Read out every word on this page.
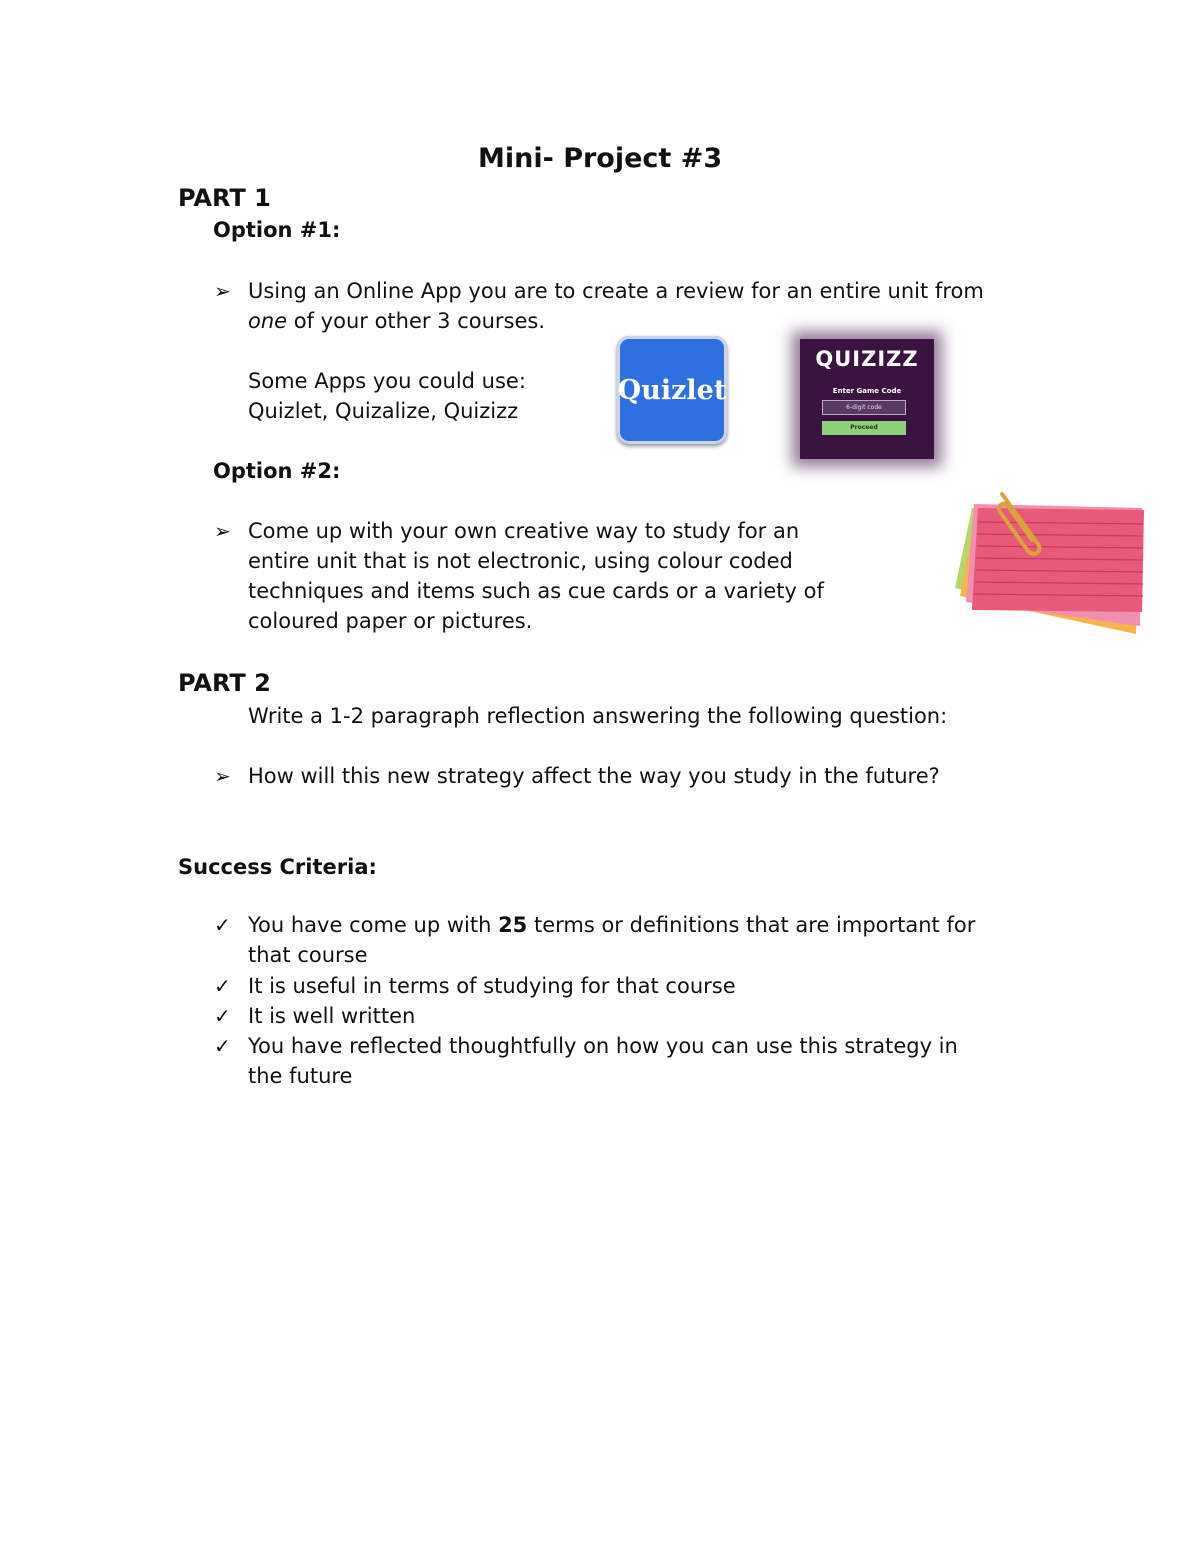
Mini- Project #3
PART 1
Option #1:
➢ Using an Online App you are to create a review for an entire unit from
one of your other 3 courses.
Some Apps you could use:
Quizlet, Quizalize, Quizizz
Quizlet
QUIZIZZ
Enter Game Code
6-digit code
Proceed
Option #2:
➢ Come up with your own creative way to study for an
entire unit that is not electronic, using colour coded
techniques and items such as cue cards or a variety of
coloured paper or pictures.
PART 2
Write a 1-2 paragraph reflection answering the following question:
➢ How will this new strategy affect the way you study in the future?
Success Criteria:
✓ You have come up with 25 terms or definitions that are important for
that course
✓ It is useful in terms of studying for that course
✓ It is well written
✓ You have reflected thoughtfully on how you can use this strategy in
the future
